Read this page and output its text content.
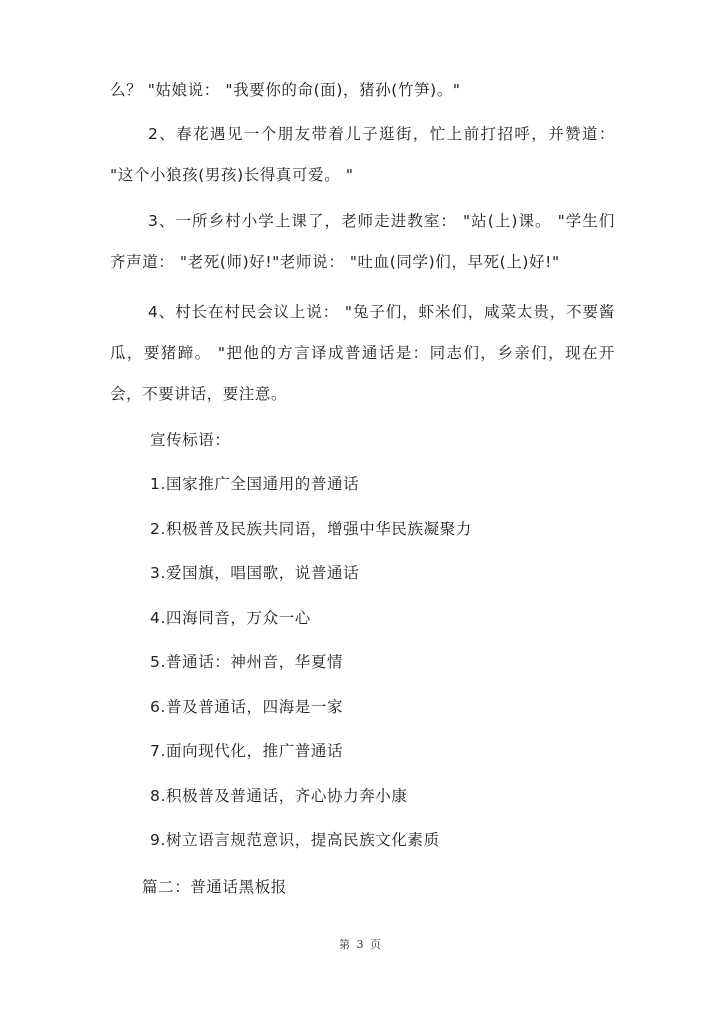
么？ "姑娘说： "我要你的命(面)，猪孙(竹笋)。"

2、春花遇见一个朋友带着儿子逛街，忙上前打招呼，并赞道： "这个小狼孩(男孩)长得真可爱。 "

3、一所乡村小学上课了，老师走进教室： "站(上)课。 "学生们齐声道： "老死(师)好!"老师说： "吐血(同学)们，早死(上)好!"

4、村长在村民会议上说： "兔子们，虾米们，咸菜太贵，不要酱瓜，要猪蹄。 "把他的方言译成普通话是：同志们，乡亲们，现在开会，不要讲话，要注意。

宣传标语：

1.国家推广全国通用的普通话
2.积极普及民族共同语，增强中华民族凝聚力
3.爱国旗，唱国歌，说普通话
4.四海同音，万众一心
5.普通话：神州音，华夏情
6.普及普通话，四海是一家
7.面向现代化，推广普通话
8.积极普及普通话，齐心协力奔小康
9.树立语言规范意识，提高民族文化素质

篇二：普通话黑板报

第 3 页
